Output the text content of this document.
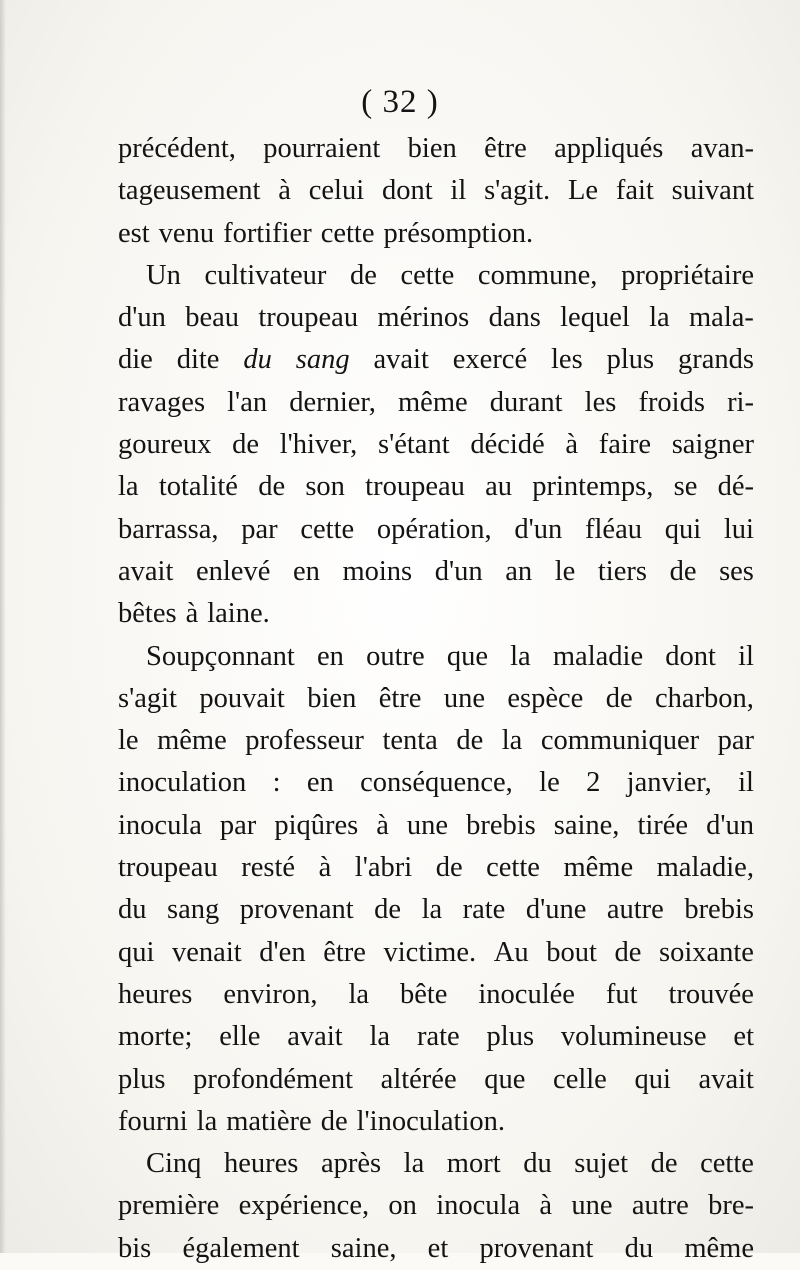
( 32 )
précédent, pourraient bien être appliqués avan-
tageusement à celui dont il s'agit. Le fait suivant
est venu fortifier cette présomption.
Un cultivateur de cette commune, propriétaire
d'un beau troupeau mérinos dans lequel la mala-
die dite du sang avait exercé les plus grands
ravages l'an dernier, même durant les froids ri-
goureux de l'hiver, s'étant décidé à faire saigner
la totalité de son troupeau au printemps, se dé-
barrassa, par cette opération, d'un fléau qui lui
avait enlevé en moins d'un an le tiers de ses
bêtes à laine.
Soupçonnant en outre que la maladie dont il
s'agit pouvait bien être une espèce de charbon,
le même professeur tenta de la communiquer par
inoculation : en conséquence, le 2 janvier, il
inocula par piqûres à une brebis saine, tirée d'un
troupeau resté à l'abri de cette même maladie,
du sang provenant de la rate d'une autre brebis
qui venait d'en être victime. Au bout de soixante
heures environ, la bête inoculée fut trouvée
morte; elle avait la rate plus volumineuse et
plus profondément altérée que celle qui avait
fourni la matière de l'inoculation.
Cinq heures après la mort du sujet de cette
première expérience, on inocula à une autre bre-
bis également saine, et provenant du même
